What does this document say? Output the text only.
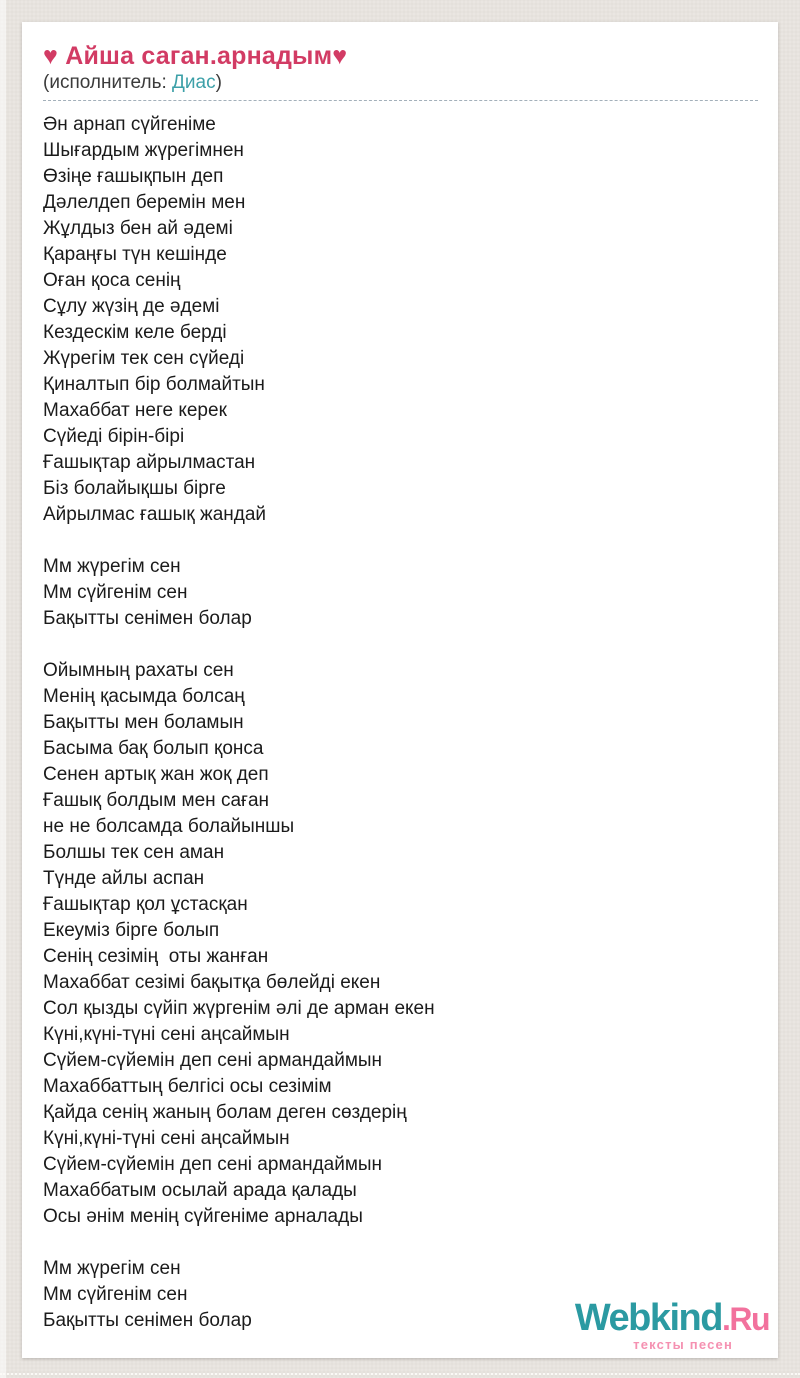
♥ Айша саган.арнадым♥
(исполнитель: Диас)
Ән арнап сүйгеніме
Шығардым жүрегімнен
Өзіңе ғашықпын деп
Дәлелдеп беремін мен
Жұлдыз бен ай әдемі
Қараңғы түн кешінде
Оған қоса сенің
Сұлу жүзің де әдемі
Кездескім келе берді
Жүрегім тек сен сүйеді
Қиналтып бір болмайтын
Махаббат неге керек
Сүйеді бірін-бірі
Ғашықтар айрылмастан
Біз болайықшы бірге
Айрылмас ғашық жандай
Мм жүрегім сен
Мм сүйгенім сен
Бақытты сенімен болар
Ойымның рахаты сен
Менің қасымда болсаң
Бақытты мен боламын
Басыма бақ болып қонса
Сенен артық жан жоқ деп
Ғашық болдым мен саған
не не болсамда болайыншы
Болшы тек сен аман
Түнде айлы аспан
Ғашықтар қол ұстасқан
Екеуміз бірге болып
Сенің сезімің  оты жанған
Махаббат сезімі бақытқа бөлейді екен
Сол қызды сүйіп жүргенім әлі де арман екен
Күні,күні-түні сені аңсаймын
Сүйем-сүйемін деп сені армандаймын
Махаббаттың белгісі осы сезімім
Қайда сенің жаның болам деген сөздерің
Күні,күні-түні сені аңсаймын
Сүйем-сүйемін деп сені армандаймын
Махаббатым осылай арада қалады
Осы әнім менің сүйгеніме арналады
Мм жүрегім сен
Мм сүйгенім сен
Бақытты сенімен болар	Webkind.Ru
тексты песен
